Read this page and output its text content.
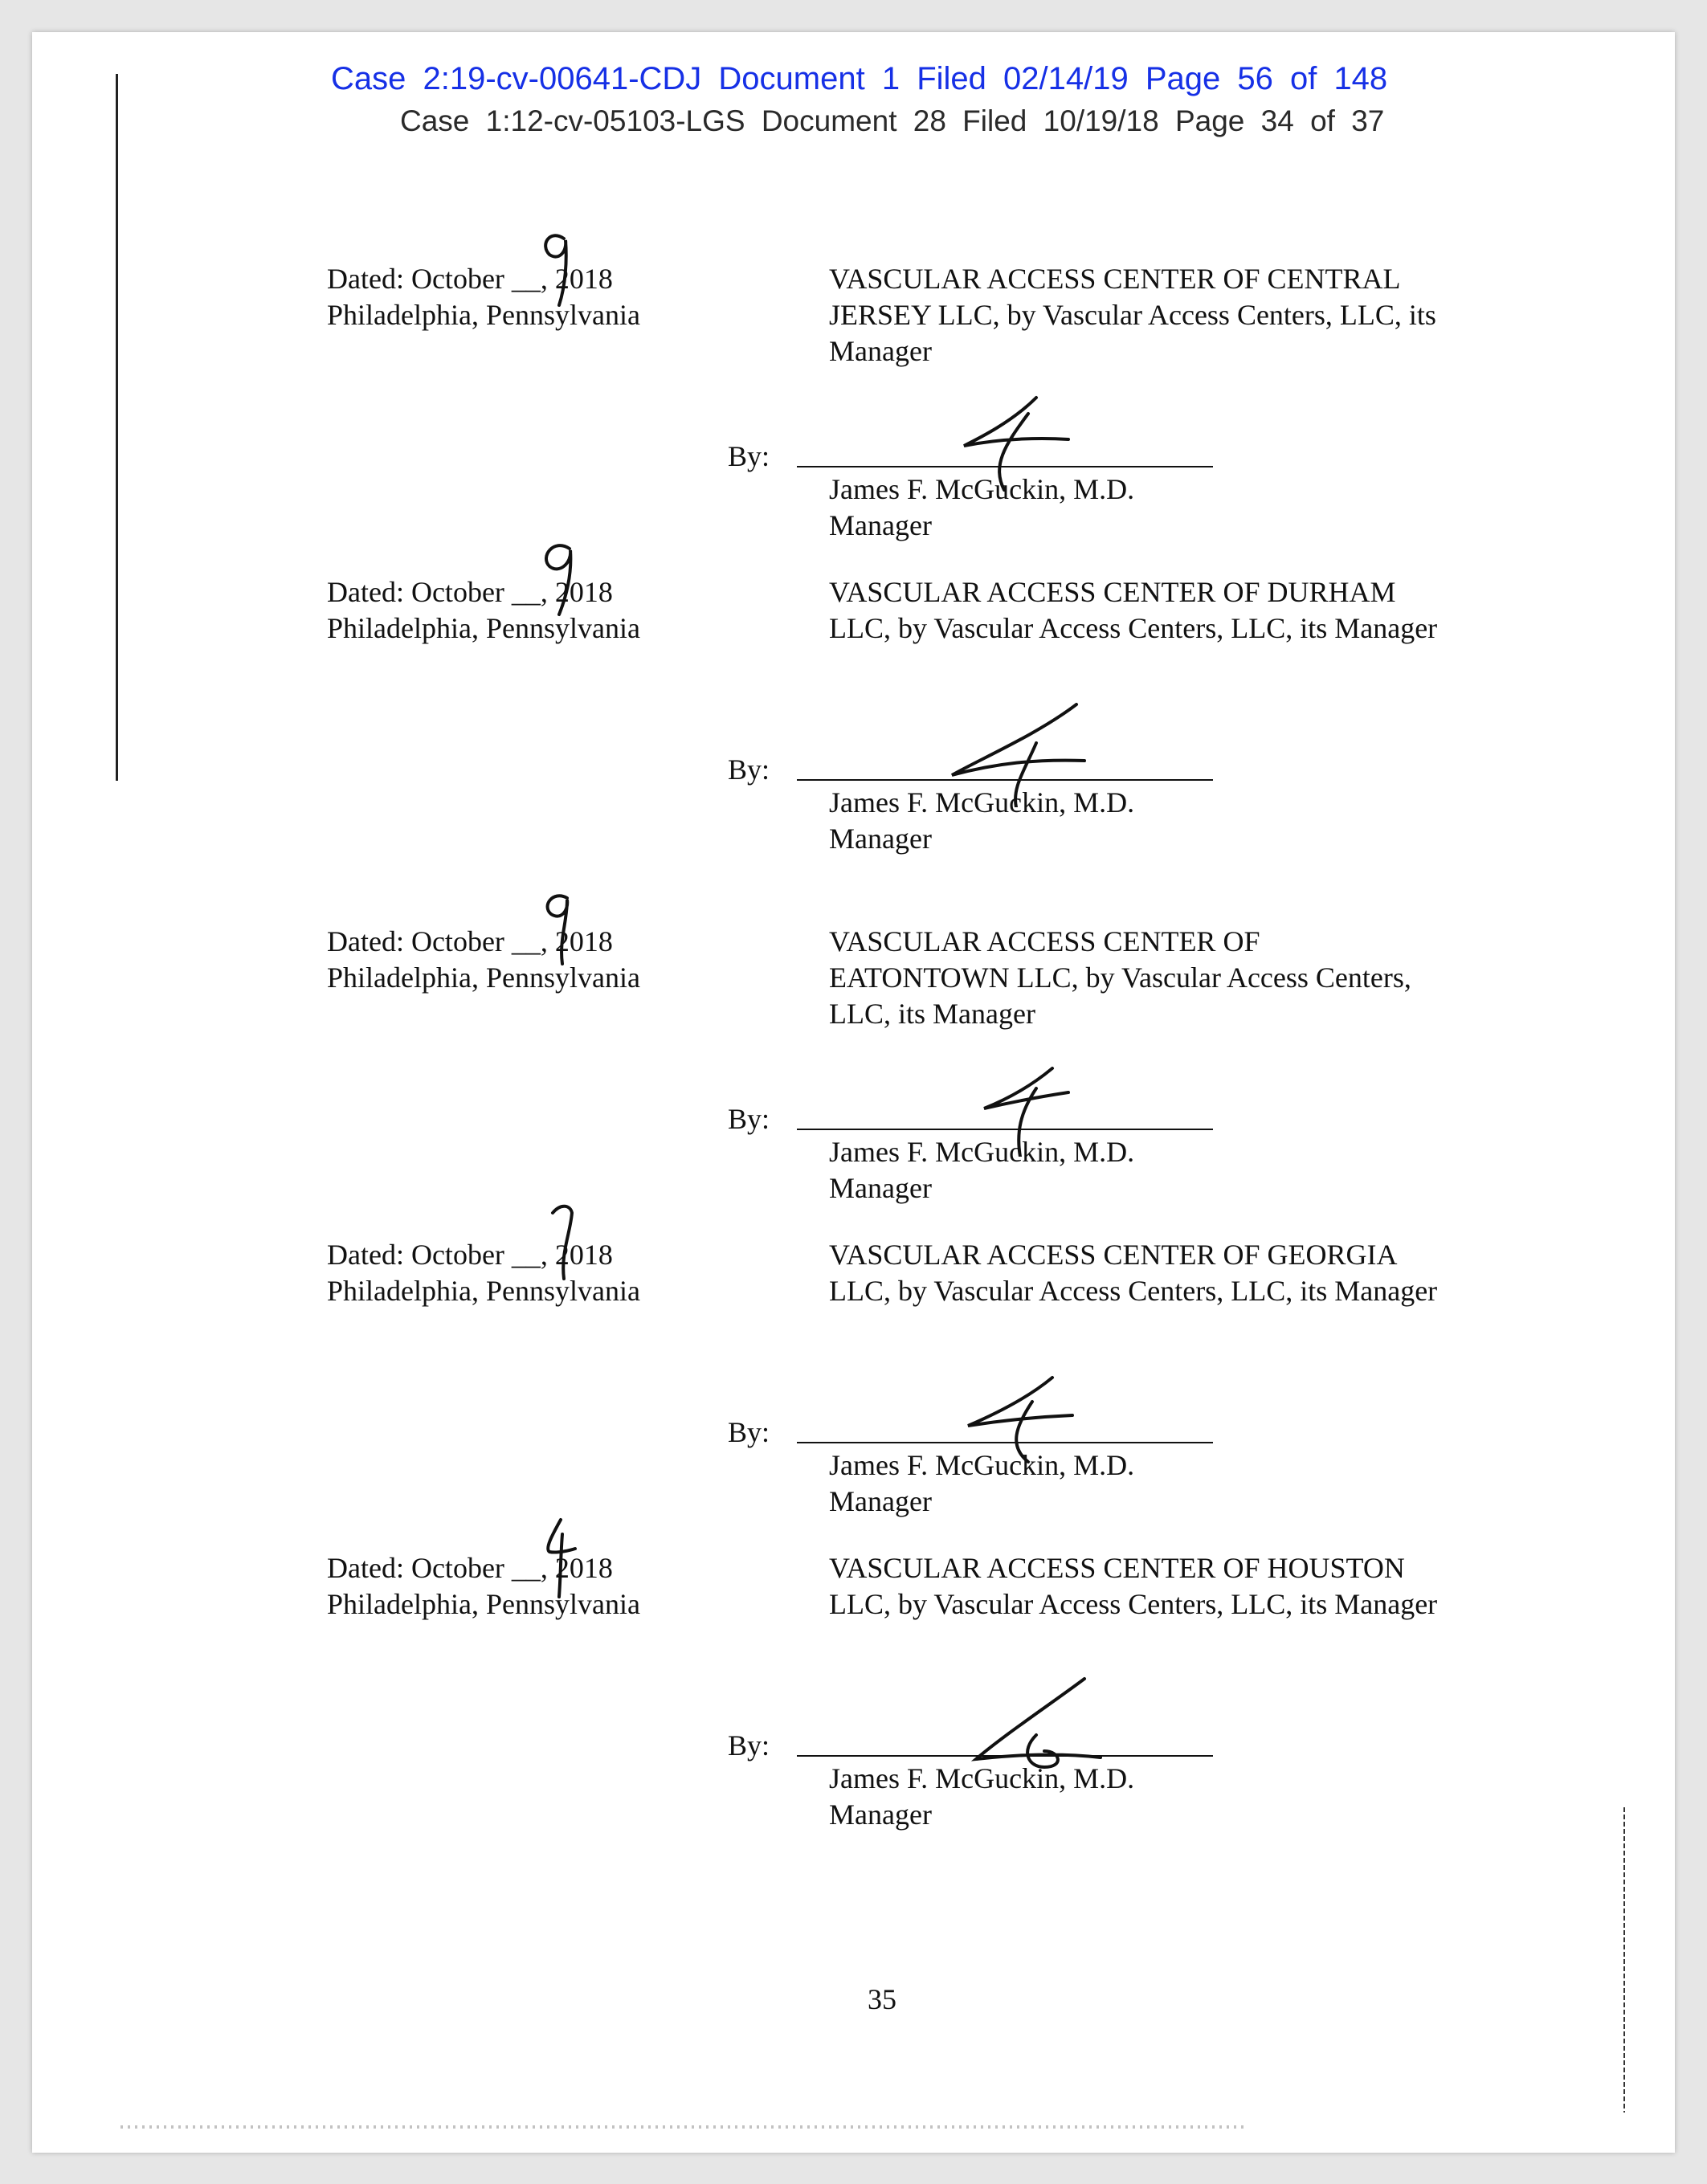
Case 2:19-cv-00641-CDJ Document 1 Filed 02/14/19 Page 56 of 148
Case 1:12-cv-05103-LGS Document 28 Filed 10/19/18 Page 34 of 37
Dated: October __, 2018
Philadelphia, Pennsylvania
VASCULAR ACCESS CENTER OF CENTRAL JERSEY LLC, by Vascular Access Centers, LLC, its Manager
By:
James F. McGuckin, M.D.
Manager
Dated: October __, 2018
Philadelphia, Pennsylvania
VASCULAR ACCESS CENTER OF DURHAM LLC, by Vascular Access Centers, LLC, its Manager
By:
James F. McGuckin, M.D.
Manager
Dated: October __, 2018
Philadelphia, Pennsylvania
VASCULAR ACCESS CENTER OF EATONTOWN LLC, by Vascular Access Centers, LLC, its Manager
By:
James F. McGuckin, M.D.
Manager
Dated: October __, 2018
Philadelphia, Pennsylvania
VASCULAR ACCESS CENTER OF GEORGIA LLC, by Vascular Access Centers, LLC, its Manager
By:
James F. McGuckin, M.D.
Manager
Dated: October __, 2018
Philadelphia, Pennsylvania
VASCULAR ACCESS CENTER OF HOUSTON LLC, by Vascular Access Centers, LLC, its Manager
By:
James F. McGuckin, M.D.
Manager
35
